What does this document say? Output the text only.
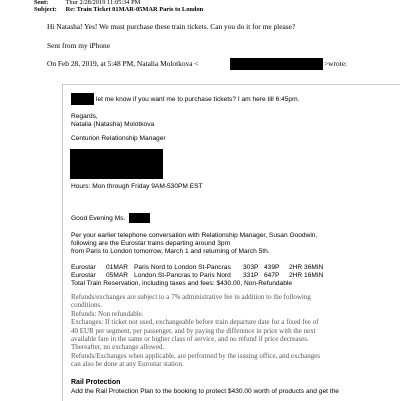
Sent:	Thur 2/28/2019 11:05:34 PM
Subject: Re: Train Ticket 01MAR-05MAR Paris to London
Hi Natasha! Yes! We must purchase these train tickets. Can you do it for me please?
Sent from my iPhone
On Feb 28, 2019, at 5:48 PM, Natalia Molotkova <	>wrote:
let me know if you want me to purchase tickets? I am here till 6:45pm.
Regards,
Natalia (Natasha) Molotkova
Centurion Relationship Manager
Hours: Mon through Friday 9AM-530PM EST
Good Evening Ms.
Per your earlier telephone conversation with Relationship Manager, Susan Goodwin,
following are the Eurostar trains departing around 3pm
from Paris to London tomorrow, March 1 and returning of March 5th.
Eurostar 01MAR Paris Nord to London St-Pancras 303P 439P 2HR 36MIN
Eurostar 05MAR London St-Pancras to Paris Nord 331P 647P 2HR 16MIN
Total Train Reservation, including taxes and fees: $430.00, Non-Refundable
Refunds/exchanges are subject to a 7% administrative fee in addition to the following
conditions.
Refunds: Non refundable.
Exchanges: If ticket not used, exchangeable before train departure date for a fixed fee of
40 EUR per segment, per passenger, and by paying the difference in price with the next
available fare in the same or higher class of service, and no refund if price decreases.
Thereafter, no exchange allowed.
Refunds/Exchanges when applicable, are performed by the issuing office, and exchanges
can also be done at any Eurostar station.
Rail Protection
Add the Rail Protection Plan to the booking to protect $430.00 worth of products and get the
